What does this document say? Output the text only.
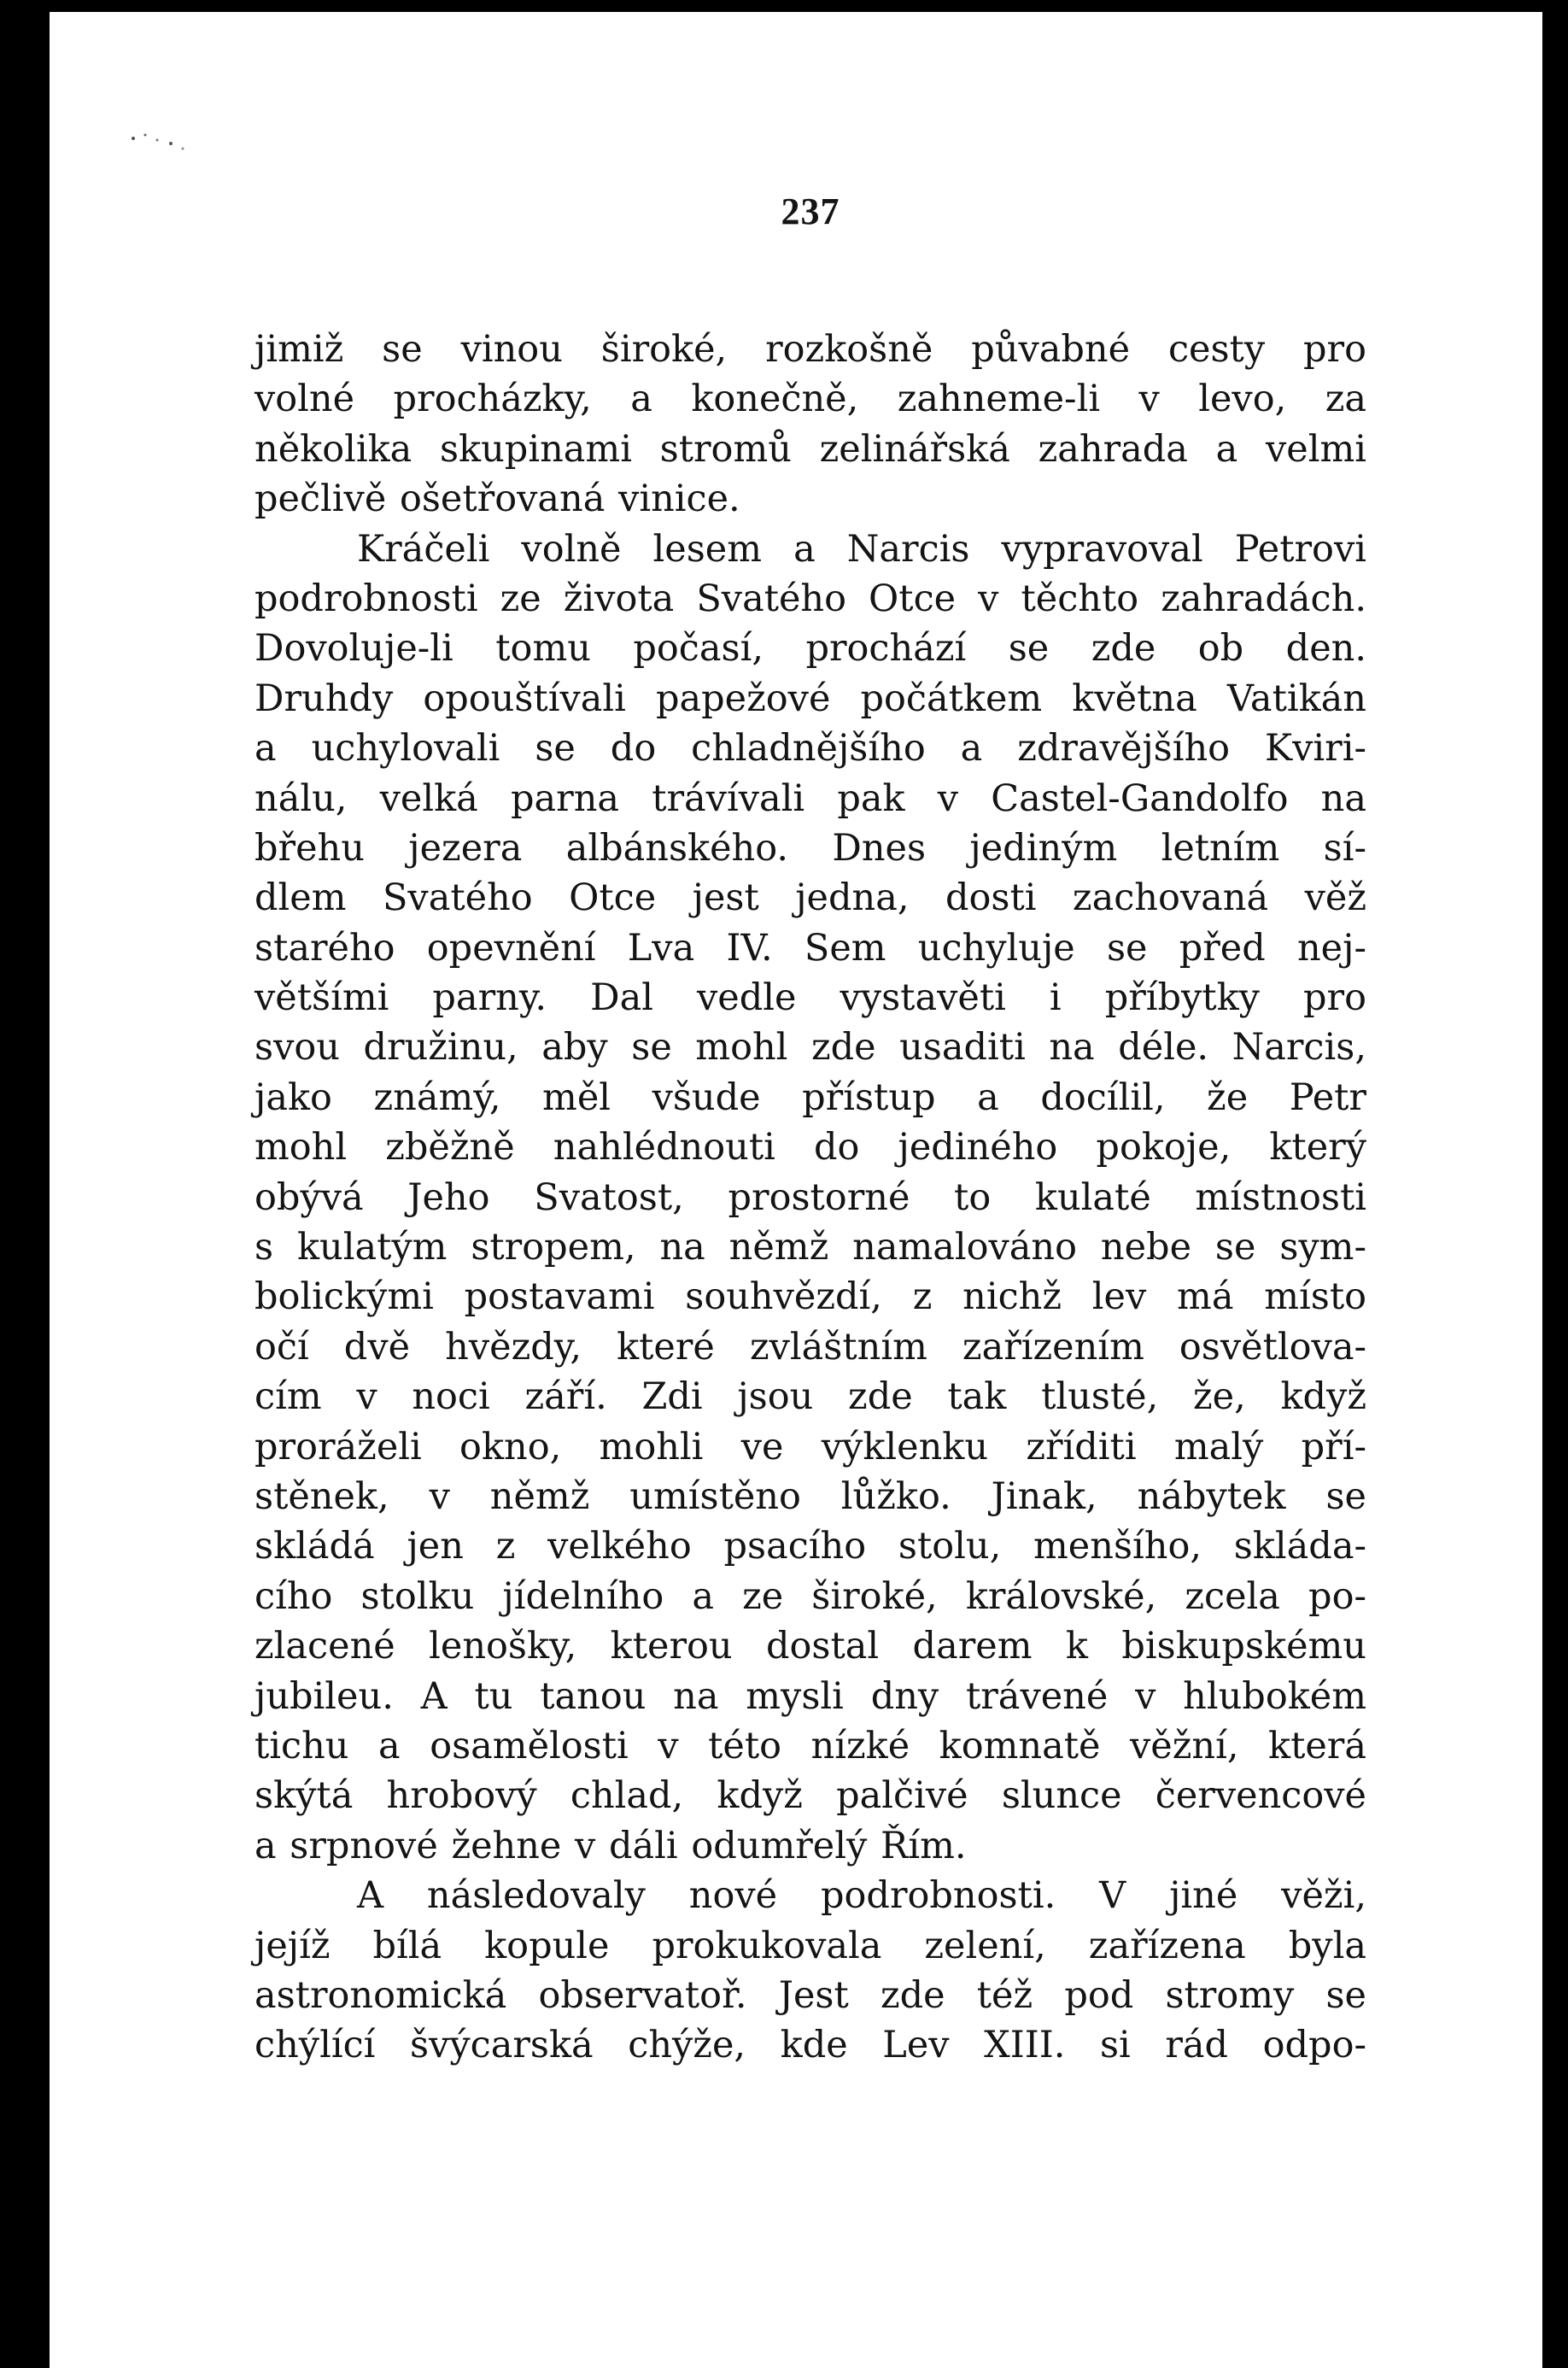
237
jimiž se vinou široké, rozkošně půvabné cesty pro
volné procházky, a konečně, zahneme-li v levo, za
několika skupinami stromů zelinářská zahrada a velmi
pečlivě ošetřovaná vinice.
Kráčeli volně lesem a Narcis vypravoval Petrovi
podrobnosti ze života Svatého Otce v těchto zahradách.
Dovoluje-li tomu počasí, prochází se zde ob den.
Druhdy opouštívali papežové počátkem května Vatikán
a uchylovali se do chladnějšího a zdravějšího Kviri-
nálu, velká parna trávívali pak v Castel-Gandolfo na
břehu jezera albánského. Dnes jediným letním sí-
dlem Svatého Otce jest jedna, dosti zachovaná věž
starého opevnění Lva IV. Sem uchyluje se před nej-
většími parny. Dal vedle vystavěti i příbytky pro
svou družinu, aby se mohl zde usaditi na déle. Narcis,
jako známý, měl všude přístup a docílil, že Petr
mohl zběžně nahlédnouti do jediného pokoje, který
obývá Jeho Svatost, prostorné to kulaté místnosti
s kulatým stropem, na němž namalováno nebe se sym-
bolickými postavami souhvězdí, z nichž lev má místo
očí dvě hvězdy, které zvláštním zařízením osvětlova-
cím v noci září. Zdi jsou zde tak tlusté, že, když
proráželi okno, mohli ve výklenku zříditi malý pří-
stěnek, v němž umístěno lůžko. Jinak, nábytek se
skládá jen z velkého psacího stolu, menšího, skláda-
cího stolku jídelního a ze široké, královské, zcela po-
zlacené lenošky, kterou dostal darem k biskupskému
jubileu. A tu tanou na mysli dny trávené v hlubokém
tichu a osamělosti v této nízké komnatě věžní, která
skýtá hrobový chlad, když palčivé slunce červencové
a srpnové žehne v dáli odumřelý Řím.
A následovaly nové podrobnosti. V jiné věži,
jejíž bílá kopule prokukovala zelení, zařízena byla
astronomická observatoř. Jest zde též pod stromy se
chýlící švýcarská chýže, kde Lev XIII. si rád odpo-
